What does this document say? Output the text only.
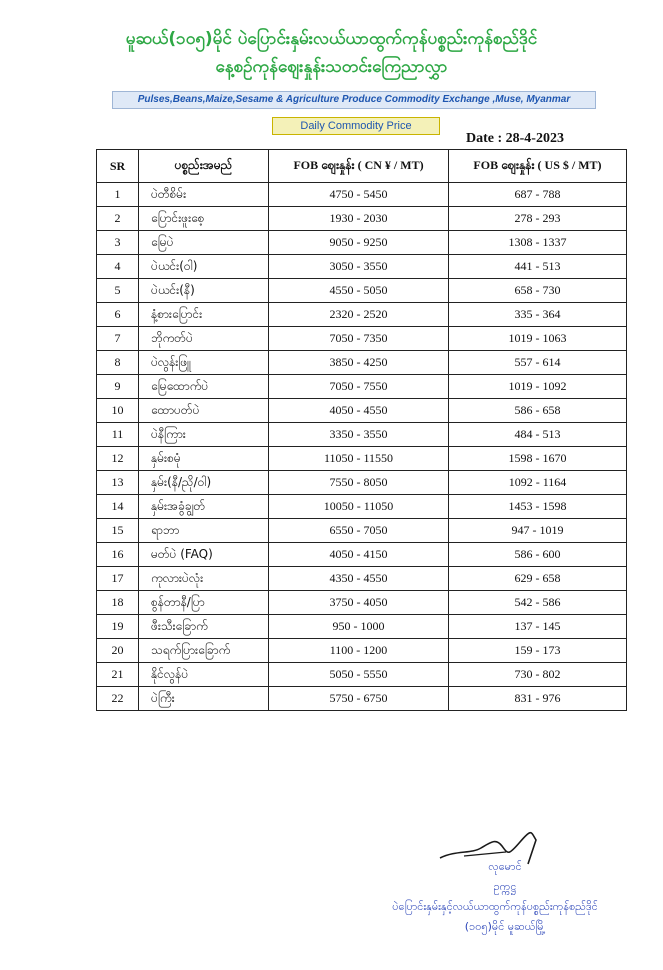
မူဆယ်(၁၀၅)မိုင် ပဲပြောင်းနှမ်းလယ်ယာထွက်ကုန်ပစ္စည်းကုန်စည်ဒိုင်
နေ့စဉ်ကုန်ဈေးနှုန်းသတင်းကြေညာလွှာ
Pulses,Beans,Maize,Sesame & Agriculture Produce Commodity Exchange ,Muse, Myanmar
Daily Commodity Price
Date : 28-4-2023
SR	ပစ္စည်းအမည်	FOB ဈေးနှုန်း ( CN ¥ / MT)	FOB ဈေးနှုန်း ( US $ / MT)
1	ပဲတီစိမ်း	4750 - 5450	687 - 788
2	ပြောင်းဖူးစေ့	1930 - 2030	278 - 293
3	မြေပဲ	9050 - 9250	1308 - 1337
4	ပဲယင်း(ဝါ)	3050 - 3550	441 - 513
5	ပဲယင်း(နီ)	4550 - 5050	658 - 730
6	နံ့စားပြောင်း	2320 - 2520	335 - 364
7	ဘိုကတ်ပဲ	7050 - 7350	1019 - 1063
8	ပဲလွန်းဖြူ	3850 - 4250	557 - 614
9	မြေထောက်ပဲ	7050 - 7550	1019 - 1092
10	ထောပတ်ပဲ	4050 - 4550	586 - 658
11	ပဲနီကြား	3350 - 3550	484 - 513
12	နှမ်းစမုံ	11050 - 11550	1598 - 1670
13	နှမ်း(နီ/ညို/ဝါ)	7550 - 8050	1092 - 1164
14	နှမ်းအခွံချွတ်	10050 - 11050	1453 - 1598
15	ရာဘာ	6550 - 7050	947 - 1019
16	မတ်ပဲ (FAQ)	4050 - 4150	586 - 600
17	ကုလားပဲလုံး	4350 - 4550	629 - 658
18	စွန်တာနီ/ပြာ	3750 - 4050	542 - 586
19	ဖီးသီးခြောက်	950 - 1000	137 - 145
20	သရက်ပြားခြောက်	1100 - 1200	159 - 173
21	နိုင်လွန်ပဲ	5050 - 5550	730 - 802
22	ပဲကြီး	5750 - 6750	831 - 976
လုမောင်
ဥက္ကဋ္ဌ
ပဲပြောင်းနှမ်းနှင့်လယ်ယာထွက်ကုန်ပစ္စည်းကုန်စည်ဒိုင်
(၁၀၅)မိုင် မူဆယ်မြို့
